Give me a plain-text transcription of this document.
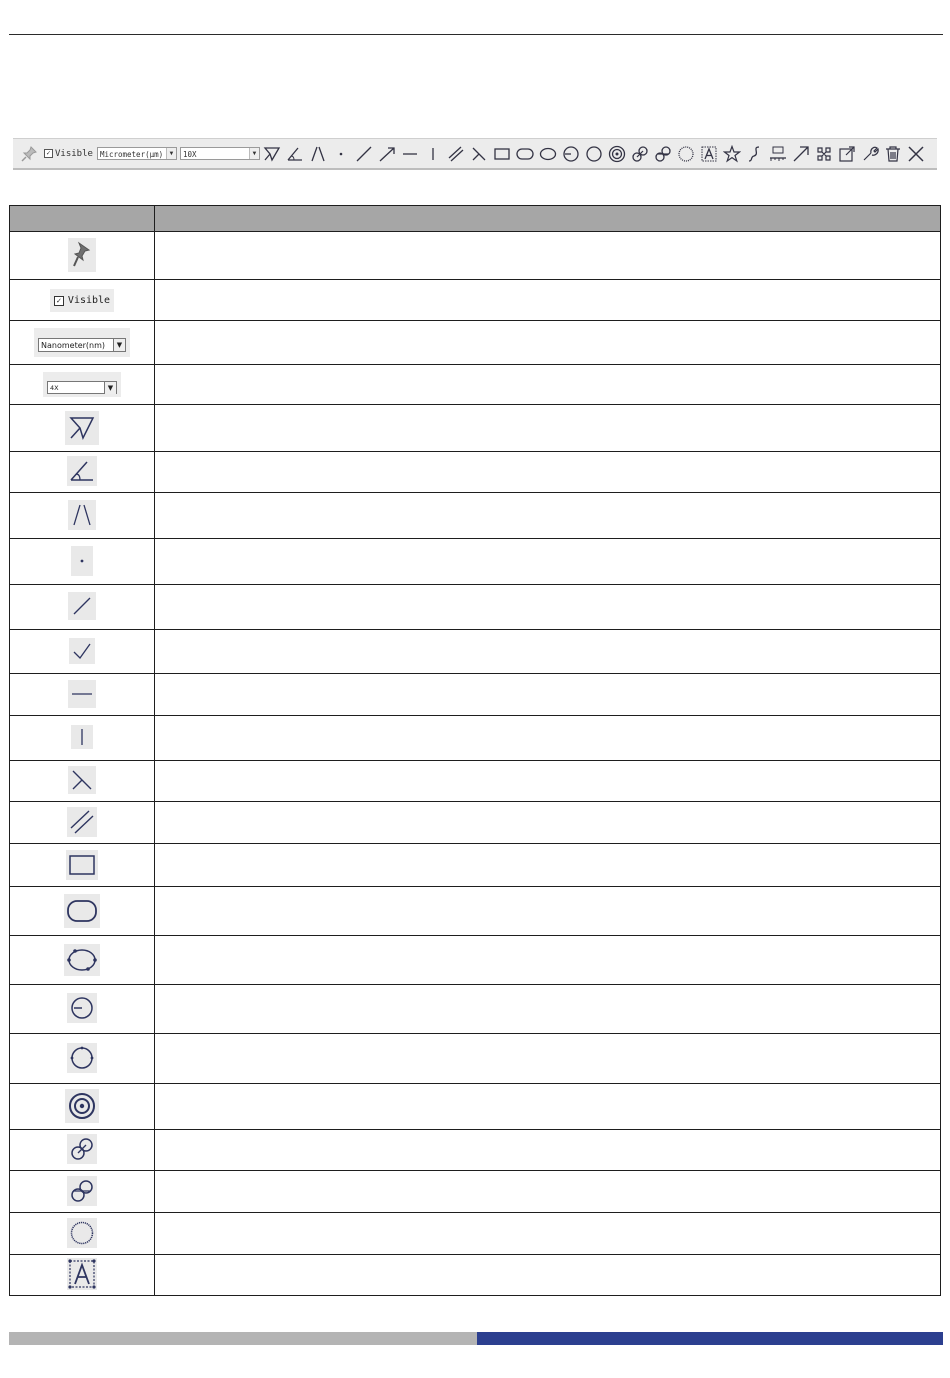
✓ Visible Micrometer(μm)	▼	10X	▼

✓ Visible	

Nanometer(nm) ▼	

4X ▼	
